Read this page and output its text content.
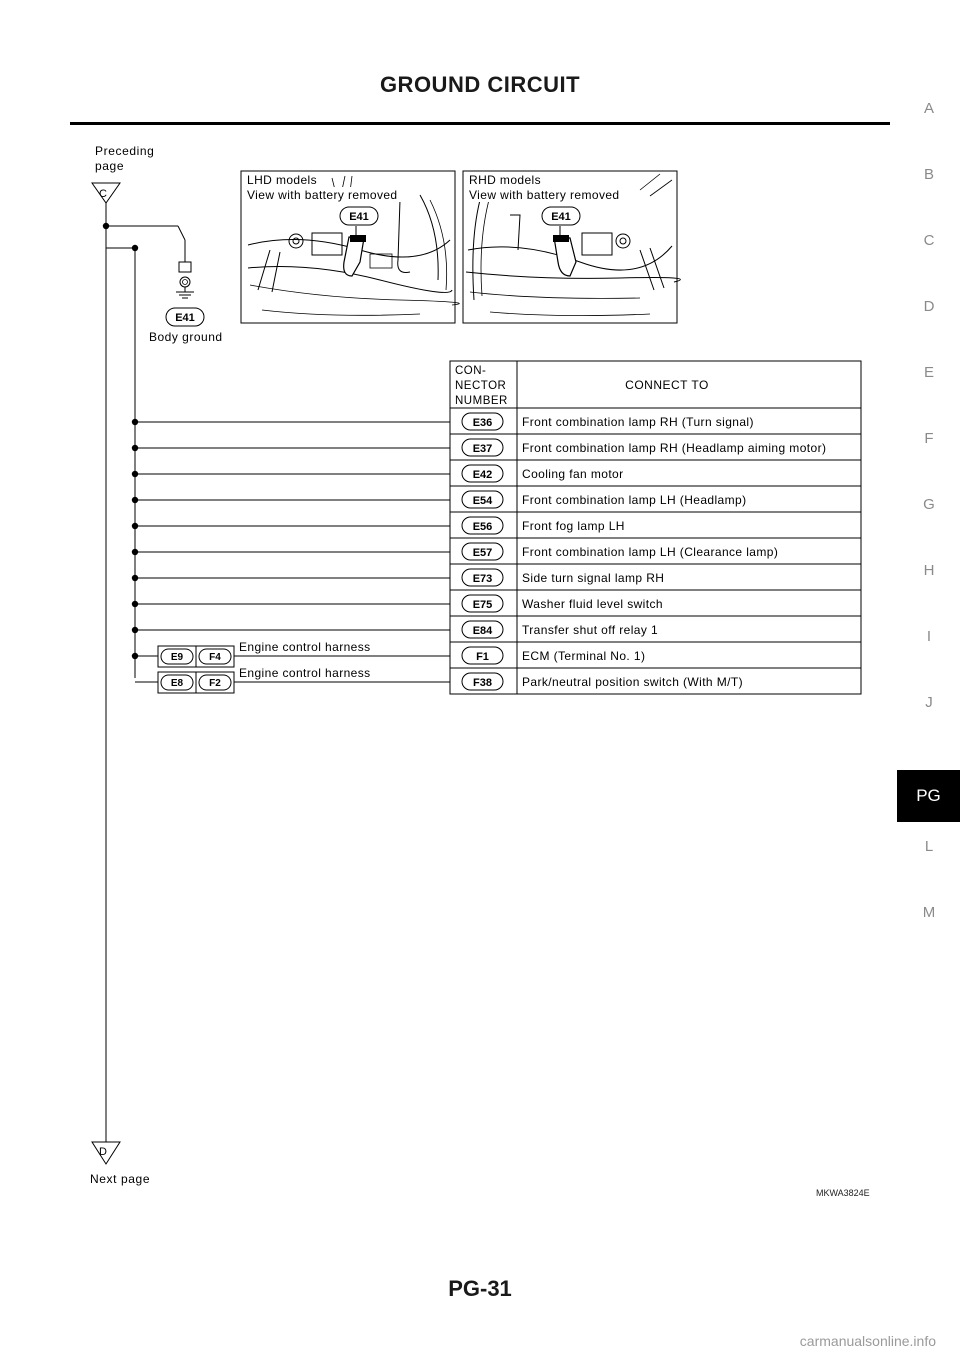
GROUND CIRCUIT
A
B
C
D
E
F
G
H
I
J
PG
L
M
Preceding
page
C
E41
Body ground
LHD models
View with battery removed
E41
RHD models
View with battery removed
E41
CON-
NECTOR
NUMBER
CONNECT TO
E36 Front combination lamp RH (Turn signal)
E37 Front combination lamp RH (Headlamp aiming motor)
E42 Cooling fan motor
E54 Front combination lamp LH (Headlamp)
E56 Front fog lamp LH
E57 Front combination lamp LH (Clearance lamp)
E73 Side turn signal lamp RH
E75 Washer fluid level switch
E84 Transfer shut off relay 1
F1	ECM (Terminal No. 1)
E9	F4
Engine control harness
F38	Park/neutral position switch (With M/T)
E8	F2
Engine control harness
D
Next page
MKWA3824E
PG-31
carmanualsonline.info
